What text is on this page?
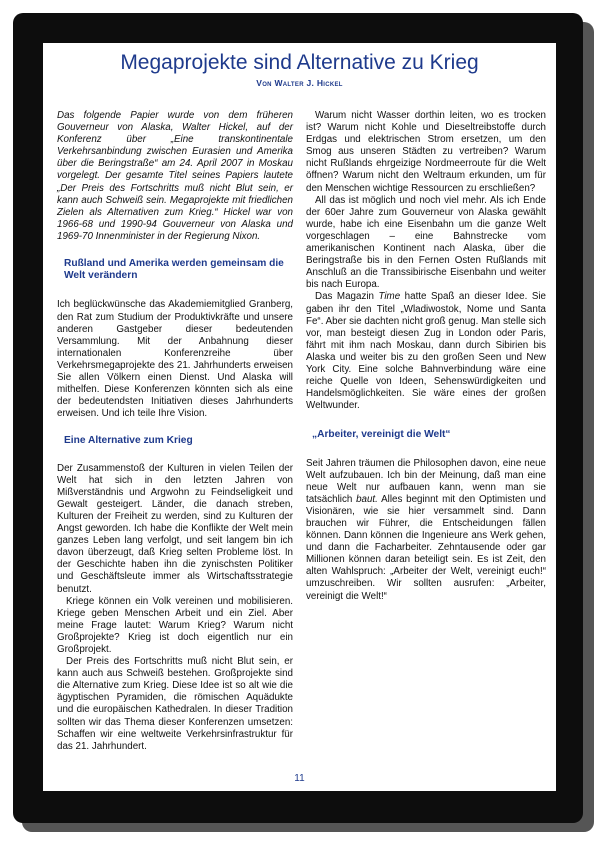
Megaprojekte sind Alternative zu Krieg
Von Walter J. Hickel

Das folgende Papier wurde von dem früheren Gouverneur von Alaska, Walter Hickel, auf der Konferenz über „Eine transkontinentale Verkehrsanbindung zwischen Eurasien und Amerika über die Beringstraße“ am 24. April 2007 in Moskau vorgelegt. Der gesamte Titel seines Papiers lautete „Der Preis des Fortschritts muß nicht Blut sein, er kann auch Schweiß sein. Megaprojekte mit friedlichen Zielen als Alternativen zum Krieg.“ Hickel war von 1966-68 und 1990-94 Gouverneur von Alaska und 1969-70 Innenminister in der Regierung Nixon.

Rußland und Amerika werden gemeinsam die Welt verändern

Ich beglückwünsche das Akademiemitglied Granberg, den Rat zum Studium der Produktivkräfte und unsere anderen Gastgeber dieser bedeutenden Versammlung. Mit der Anbahnung dieser internationalen Konferenzreihe über Verkehrsmegaprojekte des 21. Jahrhunderts erweisen Sie allen Völkern einen Dienst. Und Alaska will mithelfen. Diese Konferenzen könnten sich als eine der bedeutendsten Initiativen dieses Jahrhunderts erweisen. Und ich teile Ihre Vision.

Eine Alternative zum Krieg

Der Zusammenstoß der Kulturen in vielen Teilen der Welt hat sich in den letzten Jahren von Mißverständnis und Argwohn zu Feindseligkeit und Gewalt gesteigert. Länder, die danach streben, Kulturen der Freiheit zu werden, sind zu Kulturen der Angst geworden. Ich habe die Konflikte der Welt mein ganzes Leben lang verfolgt, und seit langem bin ich davon überzeugt, daß Krieg selten Probleme löst. In der Geschichte haben ihn die zynischsten Politiker und Geschäftsleute immer als Wirtschaftsstrategie benutzt.

Kriege können ein Volk vereinen und mobilisieren. Kriege geben Menschen Arbeit und ein Ziel. Aber meine Frage lautet: Warum Krieg? Warum nicht Großprojekte? Krieg ist doch eigentlich nur ein Großprojekt.

Der Preis des Fortschritts muß nicht Blut sein, er kann auch aus Schweiß bestehen. Großprojekte sind die Alternative zum Krieg. Diese Idee ist so alt wie die ägyptischen Pyramiden, die römischen Aquädukte und die europäischen Kathedralen. In dieser Tradition sollten wir das Thema dieser Konferenzen umsetzen: Schaffen wir eine weltweite Verkehrsinfrastruktur für das 21. Jahrhundert.

Warum nicht Wasser dorthin leiten, wo es trocken ist? Warum nicht Kohle und Dieseltreibstoffe durch Erdgas und elektrischen Strom ersetzen, um den Smog aus unseren Städten zu vertreiben? Warum nicht Rußlands ehrgeizige Nordmeerroute für die Welt öffnen? Warum nicht den Weltraum erkunden, um für den Menschen wichtige Ressourcen zu erschließen?

All das ist möglich und noch viel mehr. Als ich Ende der 60er Jahre zum Gouverneur von Alaska gewählt wurde, habe ich eine Eisenbahn um die ganze Welt vorgeschlagen – eine Bahnstrecke vom amerikanischen Kontinent nach Alaska, über die Beringstraße bis in den Fernen Osten Rußlands mit Anschluß an die Transsibirische Eisenbahn und weiter bis nach Europa.

Das Magazin Time hatte Spaß an dieser Idee. Sie gaben ihr den Titel „Wladiwostok, Nome und Santa Fe“. Aber sie dachten nicht groß genug. Man stelle sich vor, man besteigt diesen Zug in London oder Paris, fährt mit ihm nach Moskau, dann durch Sibirien bis Alaska und weiter bis zu den großen Seen und New York City. Eine solche Bahnverbindung wäre eine reiche Quelle von Ideen, Sehenswürdigkeiten und Handelsmöglichkeiten. Sie wäre eines der großen Weltwunder.

„Arbeiter, vereinigt die Welt“

Seit Jahren träumen die Philosophen davon, eine neue Welt aufzubauen. Ich bin der Meinung, daß man eine neue Welt nur aufbauen kann, wenn man sie tatsächlich baut. Alles beginnt mit den Optimisten und Visionären, wie sie hier versammelt sind. Dann brauchen wir Führer, die Entscheidungen fällen können. Dann können die Ingenieure ans Werk gehen, und dann die Facharbeiter. Zehntausende oder gar Millionen können daran beteiligt sein. Es ist Zeit, den alten Wahlspruch: „Arbeiter der Welt, vereinigt euch!“ umzuschreiben. Wir sollten ausrufen: „Arbeiter, vereinigt die Welt!“

11
